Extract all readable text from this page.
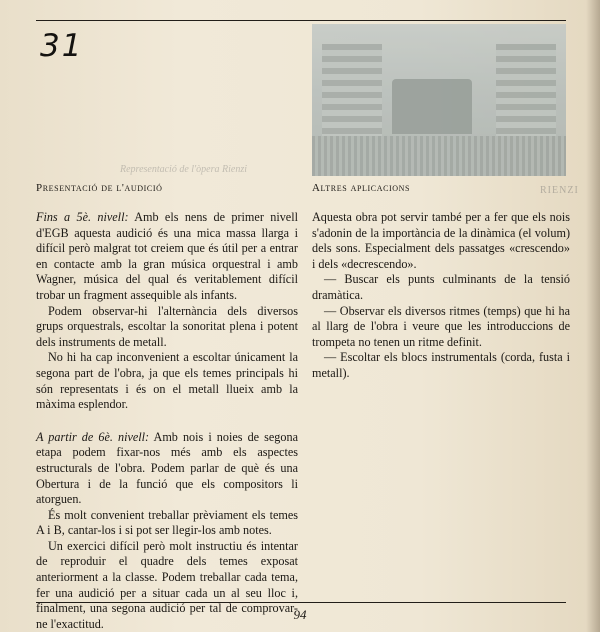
31
Representació de l'òpera Rienzi
RIENZI
Presentació de l'audició

Fins a 5è. nivell: Amb els nens de primer nivell d'EGB aquesta audició és una mica massa llarga i difícil però malgrat tot creiem que és útil per a entrar en contacte amb la gran música orquestral i amb Wagner, música del qual és veritablement difícil trobar un fragment assequible als infants.

Podem observar-hi l'alternància dels diversos grups orquestrals, escoltar la sonoritat plena i potent dels instruments de metall.

No hi ha cap inconvenient a escoltar únicament la segona part de l'obra, ja que els temes principals hi són representats i és on el metall llueix amb la màxima esplendor.

A partir de 6è. nivell: Amb nois i noies de segona etapa podem fixar-nos més amb els aspectes estructurals de l'obra. Podem parlar de què és una Obertura i de la funció que els compositors li atorguen.

És molt convenient treballar prèviament els temes A i B, cantar-los i si pot ser llegir-los amb notes.

Un exercici difícil però molt instructiu és intentar de reproduir el quadre dels temes exposat anteriorment a la classe. Podem treballar cada tema, fer una audició per a situar cada un al seu lloc i, finalment, una segona audició per tal de comprovar-ne l'exactitud.

Altres aplicacions

Aquesta obra pot servir també per a fer que els nois s'adonin de la importància de la dinàmica (el volum) dels sons. Especialment dels passatges «crescendo» i dels «decrescendo».

— Buscar els punts culminants de la tensió dramàtica.

— Observar els diversos ritmes (temps) que hi ha al llarg de l'obra i veure que les introduccions de trompeta no tenen un ritme definit.

— Escoltar els blocs instrumentals (corda, fusta i metall).

94
